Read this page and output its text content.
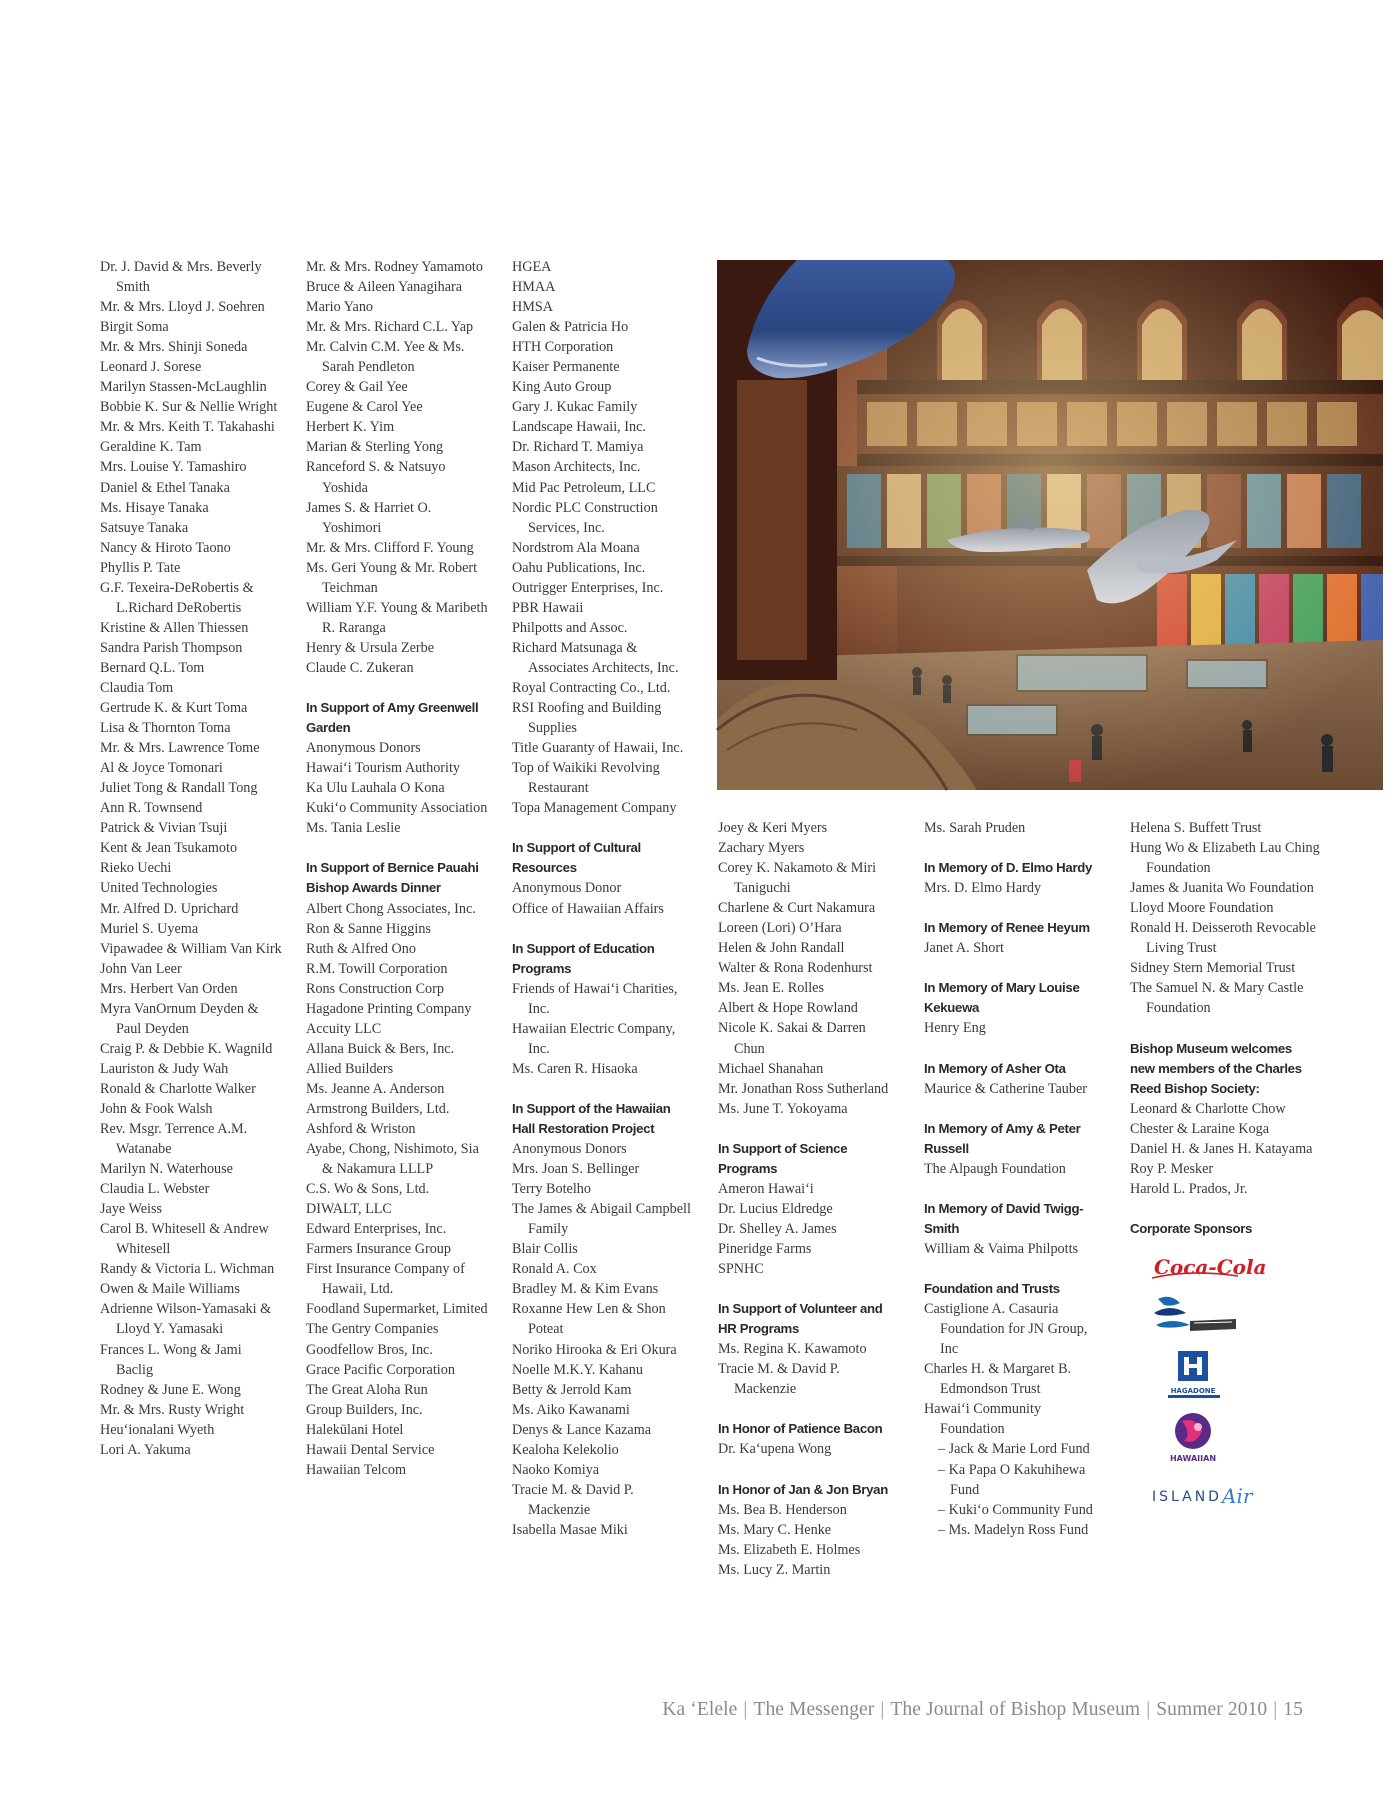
Dr. J. David & Mrs. Beverly Smith
Mr. & Mrs. Lloyd J. Soehren
Birgit Soma
Mr. & Mrs. Shinji Soneda
Leonard J. Sorese
Marilyn Stassen-McLaughlin
Bobbie K. Sur & Nellie Wright
Mr. & Mrs. Keith T. Takahashi
Geraldine K. Tam
Mrs. Louise Y. Tamashiro
Daniel & Ethel Tanaka
Ms. Hisaye Tanaka
Satsuye Tanaka
Nancy & Hiroto Taono
Phyllis P. Tate
G.F. Texeira-DeRobertis & L.Richard DeRobertis
Kristine & Allen Thiessen
Sandra Parish Thompson
Bernard Q.L. Tom
Claudia Tom
Gertrude K. & Kurt Toma
Lisa & Thornton Toma
Mr. & Mrs. Lawrence Tome
Al & Joyce Tomonari
Juliet Tong & Randall Tong
Ann R. Townsend
Patrick & Vivian Tsuji
Kent & Jean Tsukamoto
Rieko Uechi
United Technologies
Mr. Alfred D. Uprichard
Muriel S. Uyema
Vipawadee & William Van Kirk
John Van Leer
Mrs. Herbert Van Orden
Myra VanOrnum Deyden & Paul Deyden
Craig P. & Debbie K. Wagnild
Lauriston & Judy Wah
Ronald & Charlotte Walker
John & Fook Walsh
Rev. Msgr. Terrence A.M. Watanabe
Marilyn N. Waterhouse
Claudia L. Webster
Jaye Weiss
Carol B. Whitesell & Andrew Whitesell
Randy & Victoria L. Wichman
Owen & Maile Williams
Adrienne Wilson-Yamasaki & Lloyd Y. Yamasaki
Frances L. Wong & Jami Baclig
Rodney & June E. Wong
Mr. & Mrs. Rusty Wright
Heu‘ionalani Wyeth
Lori A. Yakuma
Mr. & Mrs. Rodney Yamamoto
Bruce & Aileen Yanagihara
Mario Yano
Mr. & Mrs. Richard C.L. Yap
Mr. Calvin C.M. Yee & Ms. Sarah Pendleton
Corey & Gail Yee
Eugene & Carol Yee
Herbert K. Yim
Marian & Sterling Yong
Ranceford S. & Natsuyo Yoshida
James S. & Harriet O. Yoshimori
Mr. & Mrs. Clifford F. Young
Ms. Geri Young & Mr. Robert Teichman
William Y.F. Young & Maribeth R. Raranga
Henry & Ursula Zerbe
Claude C. Zukeran
In Support of Amy Greenwell Garden
Anonymous Donors
Hawai‘i Tourism Authority
Ka Ulu Lauhala O Kona
Kuki‘o Community Association
Ms. Tania Leslie
In Support of Bernice Pauahi Bishop Awards Dinner
Albert Chong Associates, Inc.
Ron & Sanne Higgins
Ruth & Alfred Ono
R.M. Towill Corporation
Rons Construction Corp
Hagadone Printing Company
Accuity LLC
Allana Buick & Bers, Inc.
Allied Builders
Ms. Jeanne A. Anderson
Armstrong Builders, Ltd.
Ashford & Wriston
Ayabe, Chong, Nishimoto, Sia & Nakamura LLLP
C.S. Wo & Sons, Ltd.
DIWALT, LLC
Edward Enterprises, Inc.
Farmers Insurance Group
First Insurance Company of Hawaii, Ltd.
Foodland Supermarket, Limited
The Gentry Companies
Goodfellow Bros, Inc.
Grace Pacific Corporation
The Great Aloha Run
Group Builders, Inc.
Halekūlani Hotel
Hawaii Dental Service
Hawaiian Telcom
HGEA
HMAA
HMSA
Galen & Patricia Ho
HTH Corporation
Kaiser Permanente
King Auto Group
Gary J. Kukac Family
Landscape Hawaii, Inc.
Dr. Richard T. Mamiya
Mason Architects, Inc.
Mid Pac Petroleum, LLC
Nordic PLC Construction Services, Inc.
Nordstrom Ala Moana
Oahu Publications, Inc.
Outrigger Enterprises, Inc.
PBR Hawaii
Philpotts and Assoc.
Richard Matsunaga & Associates Architects, Inc.
Royal Contracting Co., Ltd.
RSI Roofing and Building Supplies
Title Guaranty of Hawaii, Inc.
Top of Waikiki Revolving Restaurant
Topa Management Company
In Support of Cultural Resources
Anonymous Donor
Office of Hawaiian Affairs
In Support of Education Programs
Friends of Hawai‘i Charities, Inc.
Hawaiian Electric Company, Inc.
Ms. Caren R. Hisaoka
In Support of the Hawaiian Hall Restoration Project
Anonymous Donors
Mrs. Joan S. Bellinger
Terry Botelho
The James & Abigail Campbell Family
Blair Collis
Ronald A. Cox
Bradley M. & Kim Evans
Roxanne Hew Len & Shon Poteat
Noriko Hirooka & Eri Okura
Noelle M.K.Y. Kahanu
Betty & Jerrold Kam
Ms. Aiko Kawanami
Denys & Lance Kazama
Kealoha Kelekolio
Naoko Komiya
Tracie M. & David P. Mackenzie
Isabella Masae Miki
Joey & Keri Myers
Zachary Myers
Corey K. Nakamoto & Miri Taniguchi
Charlene & Curt Nakamura
Loreen (Lori) O’Hara
Helen & John Randall
Walter & Rona Rodenhurst
Ms. Jean E. Rolles
Albert & Hope Rowland
Nicole K. Sakai & Darren Chun
Michael Shanahan
Mr. Jonathan Ross Sutherland
Ms. June T. Yokoyama
In Support of Science Programs
Ameron Hawai‘i
Dr. Lucius Eldredge
Dr. Shelley A. James
Pineridge Farms
SPNHC
In Support of Volunteer and HR Programs
Ms. Regina K. Kawamoto
Tracie M. & David P. Mackenzie
In Honor of Patience Bacon
Dr. Ka‘upena Wong
In Honor of Jan & Jon Bryan
Ms. Bea B. Henderson
Ms. Mary C. Henke
Ms. Elizabeth E. Holmes
Ms. Lucy Z. Martin
Ms. Sarah Pruden
In Memory of D. Elmo Hardy
Mrs. D. Elmo Hardy
In Memory of Renee Heyum
Janet A. Short
In Memory of Mary Louise Kekuewa
Henry Eng
In Memory of Asher Ota
Maurice & Catherine Tauber
In Memory of Amy & Peter Russell
The Alpaugh Foundation
In Memory of David Twigg-Smith
William & Vaima Philpotts
Foundation and Trusts
Castiglione A. Casauria Foundation for JN Group, Inc
Charles H. & Margaret B. Edmondson Trust
Hawai‘i Community Foundation
– Jack & Marie Lord Fund
– Ka Papa O Kakuhihewa Fund
– Kuki‘o Community Fund
– Ms. Madelyn Ross Fund
Helena S. Buffett Trust
Hung Wo & Elizabeth Lau Ching Foundation
James & Juanita Wo Foundation
Lloyd Moore Foundation
Ronald H. Deisseroth Revocable Living Trust
Sidney Stern Memorial Trust
The Samuel N. & Mary Castle Foundation
Bishop Museum welcomes new members of the Charles Reed Bishop Society:
Leonard & Charlotte Chow
Chester & Laraine Koga
Daniel H. & Janes H. Katayama
Roy P. Mesker
Harold L. Prados, Jr.
Corporate Sponsors
Coca-Cola
HAGADONE
HAWAIIAN
ISLAND Air
Ka ‘Elele | The Messenger | The Journal of Bishop Museum | Summer 2010 | 15
